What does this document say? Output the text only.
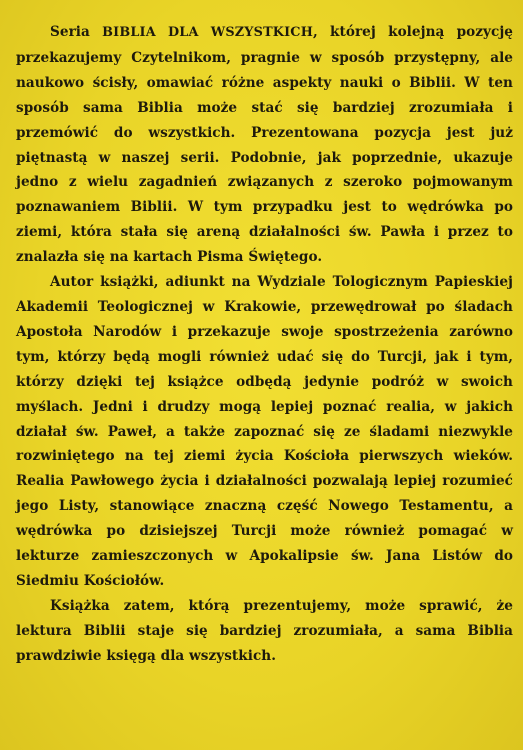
Seria BIBLIA DLA WSZYSTKICH, której kolejną pozycję przekazujemy Czytelnikom, pragnie w sposób przystępny, ale naukowo ścisły, omawiać różne aspekty nauki o Biblii. W ten sposób sama Biblia może stać się bardziej zrozumiała i przemówić do wszystkich. Prezentowana pozycja jest już piętnastą w naszej serii. Podobnie, jak poprzednie, ukazuje jedno z wielu zagadnień związanych z szeroko pojmowanym poznawaniem Biblii. W tym przypadku jest to wędrówka po ziemi, która stała się areną działalności św. Pawła i przez to znalazła się na kartach Pisma Świętego.

Autor książki, adiunkt na Wydziale Tologicznym Papieskiej Akademii Teologicznej w Krakowie, przewędrował po śladach Apostoła Narodów i przekazuje swoje spostrzeżenia zarówno tym, którzy będą mogli również udać się do Turcji, jak i tym, którzy dzięki tej książce odbędą jedynie podróż w swoich myślach. Jedni i drudzy mogą lepiej poznać realia, w jakich działał św. Paweł, a także zapoznać się ze śladami niezwykle rozwiniętego na tej ziemi życia Kościoła pierwszych wieków. Realia Pawłowego życia i działalności pozwalają lepiej rozumieć jego Listy, stanowiące znaczną część Nowego Testamentu, a wędrówka po dzisiejszej Turcji może również pomagać w lekturze zamieszczonych w Apokalipsie św. Jana Listów do Siedmiu Kościołów.

Książka zatem, którą prezentujemy, może sprawić, że lektura Biblii staje się bardziej zrozumiała, a sama Biblia prawdziwie księgą dla wszystkich.
